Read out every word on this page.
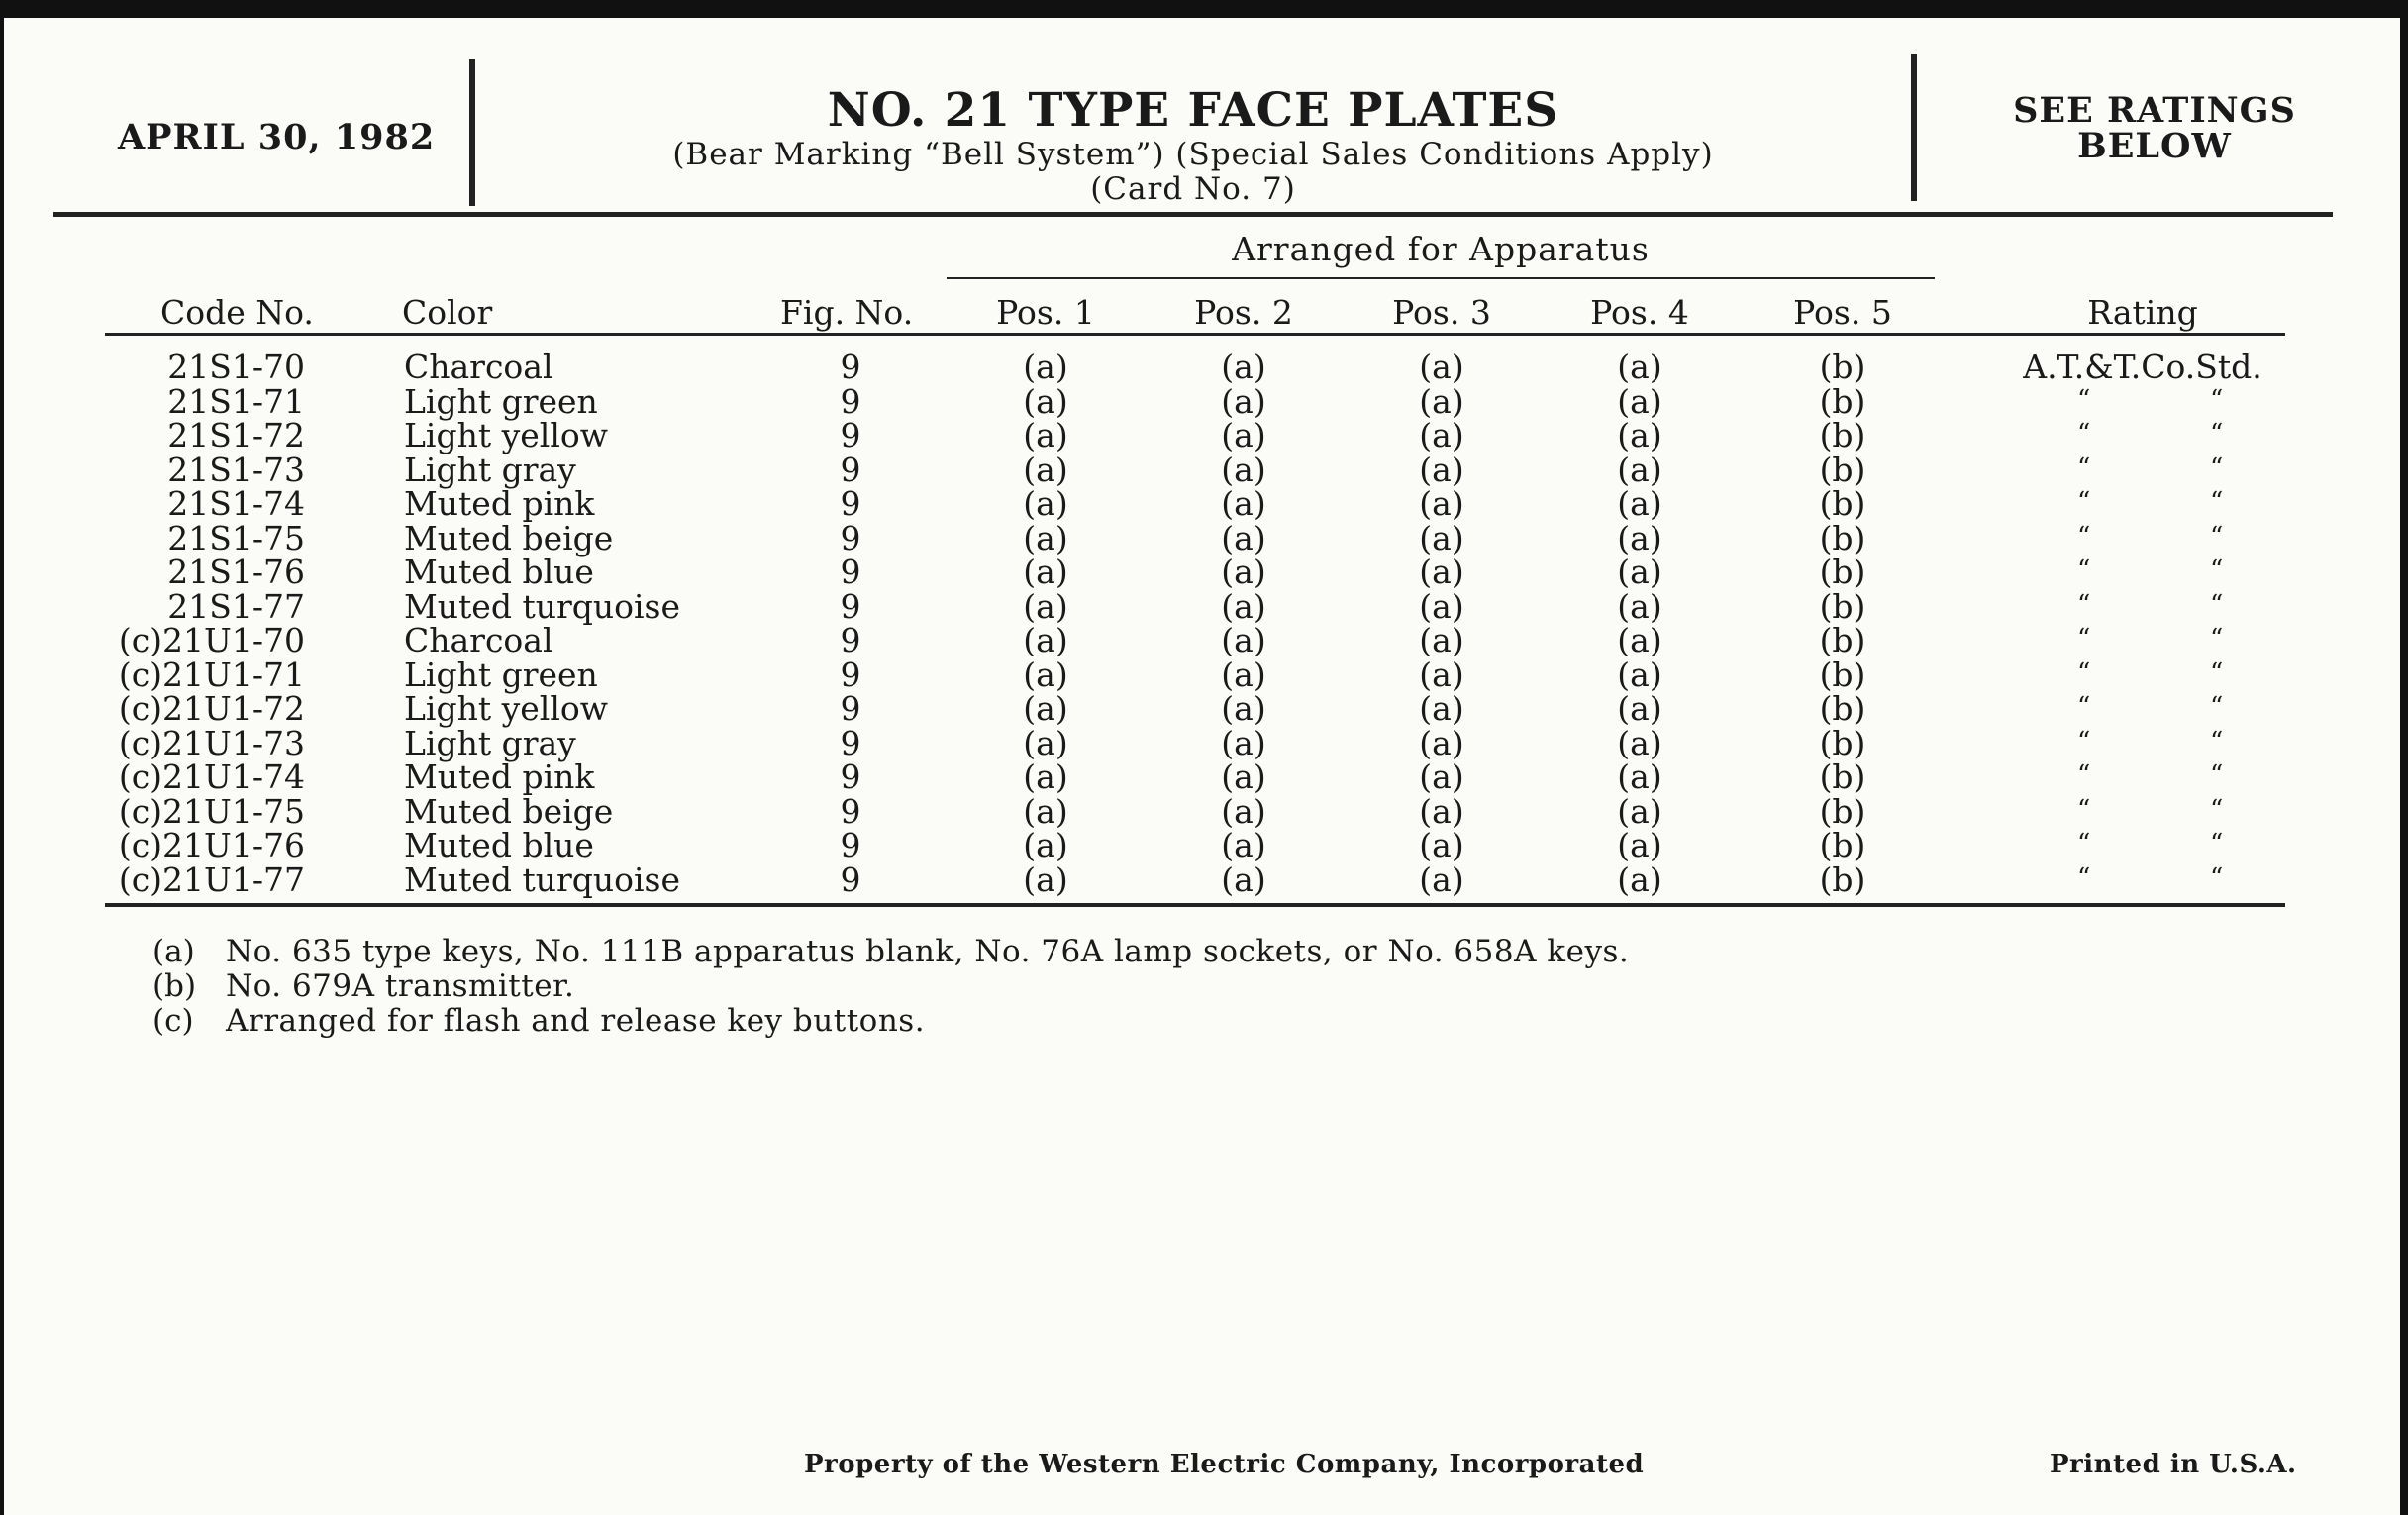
APRIL 30, 1982	NO. 21 TYPE FACE PLATES
(Bear Marking “Bell System”) (Special Sales Conditions Apply)
(Card No. 7)
SEE RATINGS
BELOW
Arranged for Apparatus
Code No.	Color	Fig. No.	Pos. 1	Pos. 2	Pos. 3	Pos. 4	Pos. 5	Rating
21S1-70	Charcoal	9	(a)	(a)	(a)	(a)	(b)	A.T.&T.Co.Std.
21S1-71	Light green	9	(a)	(a)	(a)	(a)	(b)	“	“
21S1-72	Light yellow	9	(a)	(a)	(a)	(a)	(b)	“	“
21S1-73	Light gray	9	(a)	(a)	(a)	(a)	(b)	“	“
21S1-74	Muted pink	9	(a)	(a)	(a)	(a)	(b)	“	“
21S1-75	Muted beige	9	(a)	(a)	(a)	(a)	(b)	“	“
21S1-76	Muted blue	9	(a)	(a)	(a)	(a)	(b)	“	“
21S1-77	Muted turquoise	9	(a)	(a)	(a)	(a)	(b)	“	“
(c)21U1-70	Charcoal	9	(a)	(a)	(a)	(a)	(b)	“	“
(c)21U1-71	Light green	9	(a)	(a)	(a)	(a)	(b)	“	“
(c)21U1-72	Light yellow	9	(a)	(a)	(a)	(a)	(b)	“	“
(c)21U1-73	Light gray	9	(a)	(a)	(a)	(a)	(b)	“	“
(c)21U1-74	Muted pink	9	(a)	(a)	(a)	(a)	(b)	“	“
(c)21U1-75	Muted beige	9	(a)	(a)	(a)	(a)	(b)	“	“
(c)21U1-76	Muted blue	9	(a)	(a)	(a)	(a)	(b)	“	“
(c)21U1-77	Muted turquoise	9	(a)	(a)	(a)	(a)	(b)	“	“
(a) No. 635 type keys, No. 111B apparatus blank, No. 76A lamp sockets, or No. 658A keys.
(b) No. 679A transmitter.
(c) Arranged for flash and release key buttons.
Property of the Western Electric Company, Incorporated	Printed in U.S.A.
